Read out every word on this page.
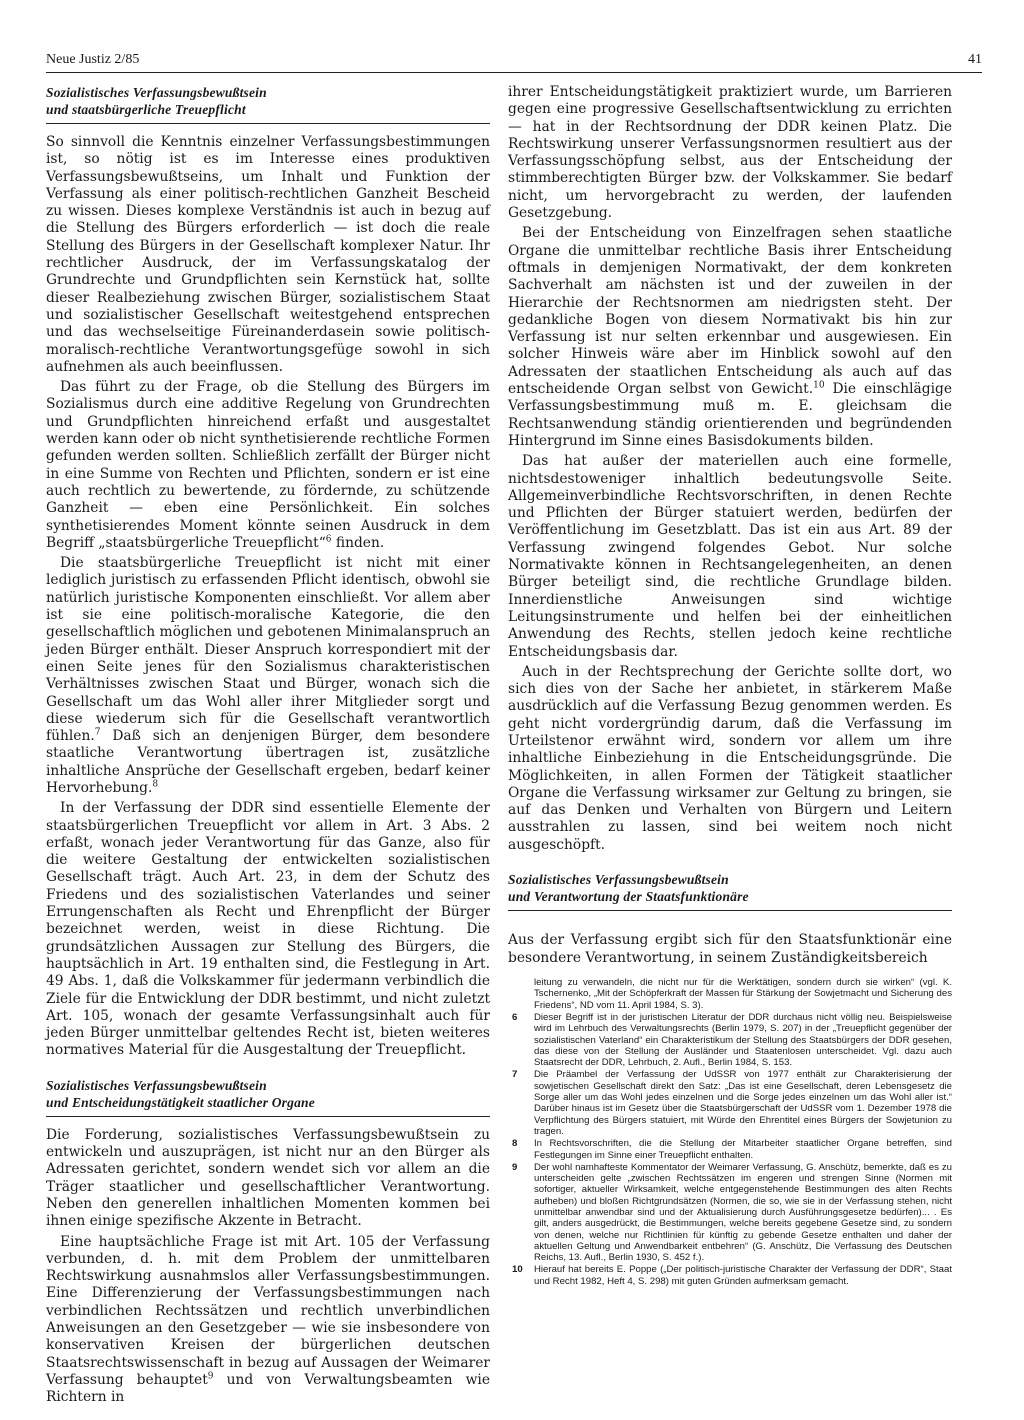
Neue Justiz 2/85	41
Sozialistisches Verfassungsbewußtsein
und staatsbürgerliche Treuepflicht

So sinnvoll die Kenntnis einzelner Verfassungsbestimmungen ist, so nötig ist es im Interesse eines produktiven Verfassungsbewußtseins, um Inhalt und Funktion der Verfassung als einer politisch-rechtlichen Ganzheit Bescheid zu wissen. Dieses komplexe Verständnis ist auch in bezug auf die Stellung des Bürgers erforderlich — ist doch die reale Stellung des Bürgers in der Gesellschaft komplexer Natur. Ihr rechtlicher Ausdruck, der im Verfassungskatalog der Grundrechte und Grundpflichten sein Kernstück hat, sollte dieser Realbeziehung zwischen Bürger, sozialistischem Staat und sozialistischer Gesellschaft weitestgehend entsprechen und das wechselseitige Füreinanderdasein sowie politisch-moralisch-rechtliche Verantwortungsgefüge sowohl in sich aufnehmen als auch beeinflussen.

Das führt zu der Frage, ob die Stellung des Bürgers im Sozialismus durch eine additive Regelung von Grundrechten und Grundpflichten hinreichend erfaßt und ausgestaltet werden kann oder ob nicht synthetisierende rechtliche Formen gefunden werden sollten. Schließlich zerfällt der Bürger nicht in eine Summe von Rechten und Pflichten, sondern er ist eine auch rechtlich zu bewertende, zu fördernde, zu schützende Ganzheit — eben eine Persönlichkeit. Ein solches synthetisierendes Moment könnte seinen Ausdruck in dem Begriff „staatsbürgerliche Treuepflicht“$^6$ finden.

Die staatsbürgerliche Treuepflicht ist nicht mit einer lediglich juristisch zu erfassenden Pflicht identisch, obwohl sie natürlich juristische Komponenten einschließt. Vor allem aber ist sie eine politisch-moralische Kategorie, die den gesellschaftlich möglichen und gebotenen Minimalanspruch an jeden Bürger enthält. Dieser Anspruch korrespondiert mit der einen Seite jenes für den Sozialismus charakteristischen Verhältnisses zwischen Staat und Bürger, wonach sich die Gesellschaft um das Wohl aller ihrer Mitglieder sorgt und diese wiederum sich für die Gesellschaft verantwortlich fühlen.$^7$ Daß sich an denjenigen Bürger, dem besondere staatliche Verantwortung übertragen ist, zusätzliche inhaltliche Ansprüche der Gesellschaft ergeben, bedarf keiner Hervorhebung.$^8$

In der Verfassung der DDR sind essentielle Elemente der staatsbürgerlichen Treuepflicht vor allem in Art. 3 Abs. 2 erfaßt, wonach jeder Verantwortung für das Ganze, also für die weitere Gestaltung der entwickelten sozialistischen Gesellschaft trägt. Auch Art. 23, in dem der Schutz des Friedens und des sozialistischen Vaterlandes und seiner Errungenschaften als Recht und Ehrenpflicht der Bürger bezeichnet werden, weist in diese Richtung. Die grundsätzlichen Aussagen zur Stellung des Bürgers, die hauptsächlich in Art. 19 enthalten sind, die Festlegung in Art. 49 Abs. 1, daß die Volkskammer für jedermann verbindlich die Ziele für die Entwicklung der DDR bestimmt, und nicht zuletzt Art. 105, wonach der gesamte Verfassungsinhalt auch für jeden Bürger unmittelbar geltendes Recht ist, bieten weiteres normatives Material für die Ausgestaltung der Treuepflicht.

Sozialistisches Verfassungsbewußtsein
und Entscheidungstätigkeit staatlicher Organe

Die Forderung, sozialistisches Verfassungsbewußtsein zu entwickeln und auszuprägen, ist nicht nur an den Bürger als Adressaten gerichtet, sondern wendet sich vor allem an die Träger staatlicher und gesellschaftlicher Verantwortung. Neben den generellen inhaltlichen Momenten kommen bei ihnen einige spezifische Akzente in Betracht.

Eine hauptsächliche Frage ist mit Art. 105 der Verfassung verbunden, d. h. mit dem Problem der unmittelbaren Rechtswirkung ausnahmslos aller Verfassungsbestimmungen. Eine Differenzierung der Verfassungsbestimmungen nach verbindlichen Rechtssätzen und rechtlich unverbindlichen Anweisungen an den Gesetzgeber — wie sie insbesondere von konservativen Kreisen der bürgerlichen deutschen Staatsrechtswissenschaft in bezug auf Aussagen der Weimarer Verfassung behauptet$^9$ und von Verwaltungsbeamten wie Richtern in

ihrer Entscheidungstätigkeit praktiziert wurde, um Barrieren gegen eine progressive Gesellschaftsentwicklung zu errichten — hat in der Rechtsordnung der DDR keinen Platz. Die Rechtswirkung unserer Verfassungsnormen resultiert aus der Verfassungsschöpfung selbst, aus der Entscheidung der stimmberechtigten Bürger bzw. der Volkskammer. Sie bedarf nicht, um hervorgebracht zu werden, der laufenden Gesetzgebung.

Bei der Entscheidung von Einzelfragen sehen staatliche Organe die unmittelbar rechtliche Basis ihrer Entscheidung oftmals in demjenigen Normativakt, der dem konkreten Sachverhalt am nächsten ist und der zuweilen in der Hierarchie der Rechtsnormen am niedrigsten steht. Der gedankliche Bogen von diesem Normativakt bis hin zur Verfassung ist nur selten erkennbar und ausgewiesen. Ein solcher Hinweis wäre aber im Hinblick sowohl auf den Adressaten der staatlichen Entscheidung als auch auf das entscheidende Organ selbst von Gewicht.$^{10}$ Die einschlägige Verfassungsbestimmung muß m. E. gleichsam die Rechtsanwendung ständig orientierenden und begründenden Hintergrund im Sinne eines Basisdokuments bilden.

Das hat außer der materiellen auch eine formelle, nichtsdestoweniger inhaltlich bedeutungsvolle Seite. Allgemeinverbindliche Rechtsvorschriften, in denen Rechte und Pflichten der Bürger statuiert werden, bedürfen der Veröffentlichung im Gesetzblatt. Das ist ein aus Art. 89 der Verfassung zwingend folgendes Gebot. Nur solche Normativakte können in Rechtsangelegenheiten, an denen Bürger beteiligt sind, die rechtliche Grundlage bilden. Innerdienstliche Anweisungen sind wichtige Leitungsinstrumente und helfen bei der einheitlichen Anwendung des Rechts, stellen jedoch keine rechtliche Entscheidungsbasis dar.

Auch in der Rechtsprechung der Gerichte sollte dort, wo sich dies von der Sache her anbietet, in stärkerem Maße ausdrücklich auf die Verfassung Bezug genommen werden. Es geht nicht vordergründig darum, daß die Verfassung im Urteilstenor erwähnt wird, sondern vor allem um ihre inhaltliche Einbeziehung in die Entscheidungsgründe. Die Möglichkeiten, in allen Formen der Tätigkeit staatlicher Organe die Verfassung wirksamer zur Geltung zu bringen, sie auf das Denken und Verhalten von Bürgern und Leitern ausstrahlen zu lassen, sind bei weitem noch nicht ausgeschöpft.

Sozialistisches Verfassungsbewußtsein
und Verantwortung der Staatsfunktionäre

Aus der Verfassung ergibt sich für den Staatsfunktionär eine besondere Verantwortung, in seinem Zuständigkeitsbereich

leitung zu verwandeln, die nicht nur für die Werktätigen, sondern durch sie wirken“ (vgl. K. Tschernenko, „Mit der Schöpferkraft der Massen für Stärkung der Sowjetmacht und Sicherung des Friedens“, ND vom 11. April 1984, S. 3).
6	Dieser Begriff ist in der juristischen Literatur der DDR durchaus nicht völlig neu. Beispielsweise wird im Lehrbuch des Verwaltungsrechts (Berlin 1979, S. 207) in der „Treuepflicht gegenüber der sozialistischen Vaterland“ ein Charakteristikum der Stellung des Staatsbürgers der DDR gesehen, das diese von der Stellung der Ausländer und Staatenlosen unterscheidet. Vgl. dazu auch Staatsrecht der DDR, Lehrbuch, 2. Aufl., Berlin 1984, S. 153.
7	Die Präambel der Verfassung der UdSSR von 1977 enthält zur Charakterisierung der sowjetischen Gesellschaft direkt den Satz: „Das ist eine Gesellschaft, deren Lebensgesetz die Sorge aller um das Wohl jedes einzelnen und die Sorge jedes einzelnen um das Wohl aller ist.“ Darüber hinaus ist im Gesetz über die Staatsbürgerschaft der UdSSR vom 1. Dezember 1978 die Verpflichtung des Bürgers statuiert, mit Würde den Ehrentitel eines Bürgers der Sowjetunion zu tragen.
8	In Rechtsvorschriften, die die Stellung der Mitarbeiter staatlicher Organe betreffen, sind Festlegungen im Sinne einer Treuepflicht enthalten.
9	Der wohl namhafteste Kommentator der Weimarer Verfassung, G. Anschütz, bemerkte, daß es zu unterscheiden gelte „zwischen Rechtssätzen im engeren und strengen Sinne (Normen mit sofortiger, aktueller Wirksamkeit, welche entgegenstehende Bestimmungen des alten Rechts aufheben) und bloßen Richtgrundsätzen (Normen, die so, wie sie in der Verfassung stehen, nicht unmittelbar anwendbar sind und der Aktualisierung durch Ausführungsgesetze bedürfen)... . Es gilt, anders ausgedrückt, die Bestimmungen, welche bereits gegebene Gesetze sind, zu sondern von denen, welche nur Richtlinien für künftig zu gebende Gesetze enthalten und daher der aktuellen Geltung und Anwendbarkeit entbehren“ (G. Anschütz, Die Verfassung des Deutschen Reichs, 13. Aufl., Berlin 1930, S. 452 f.).
10	Hierauf hat bereits E. Poppe („Der politisch-juristische Charakter der Verfassung der DDR“, Staat und Recht 1982, Heft 4, S. 298) mit guten Gründen aufmerksam gemacht.
